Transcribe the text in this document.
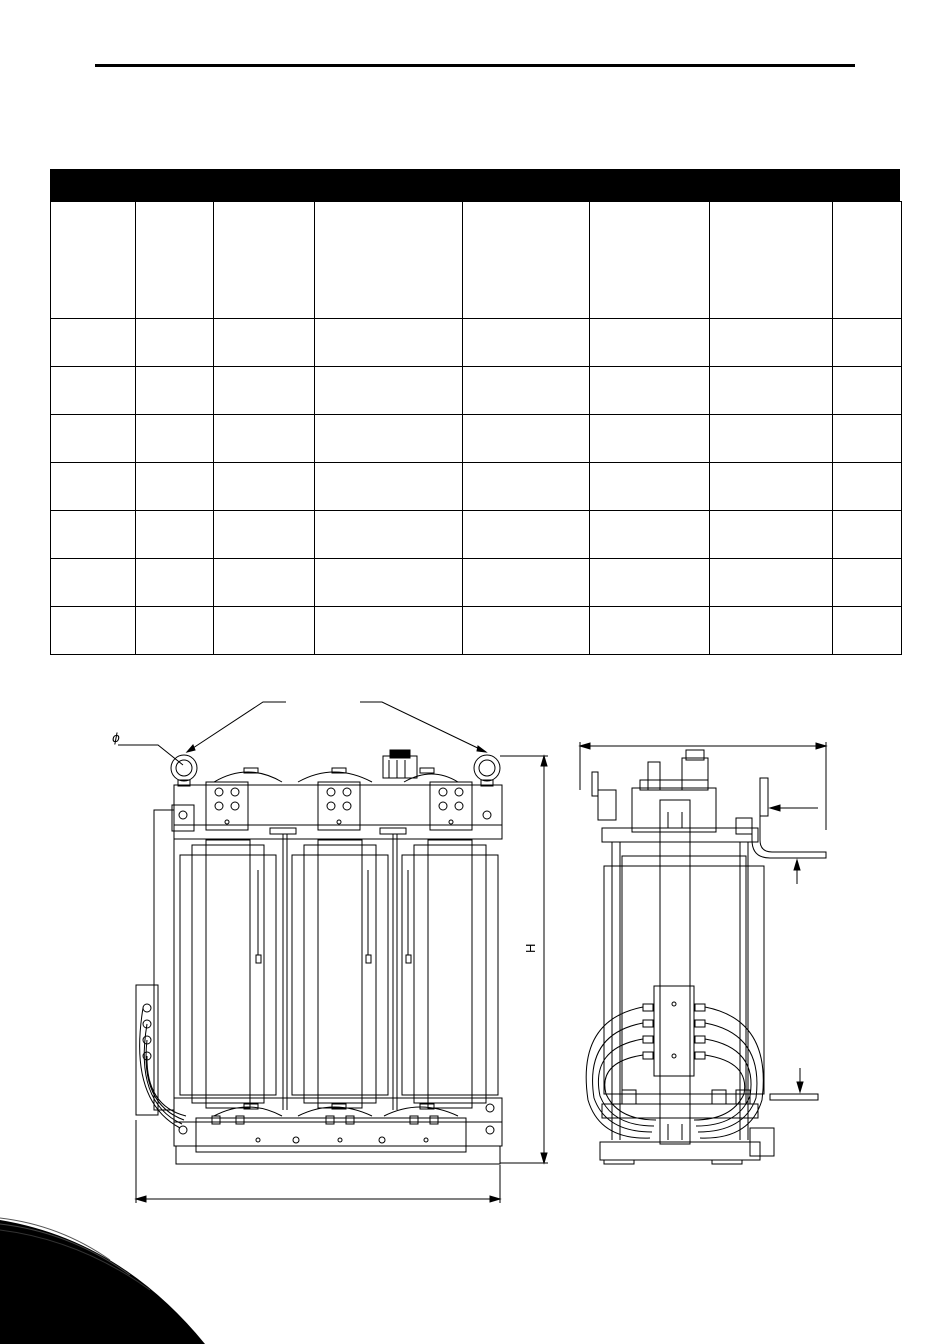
ϕ
H
